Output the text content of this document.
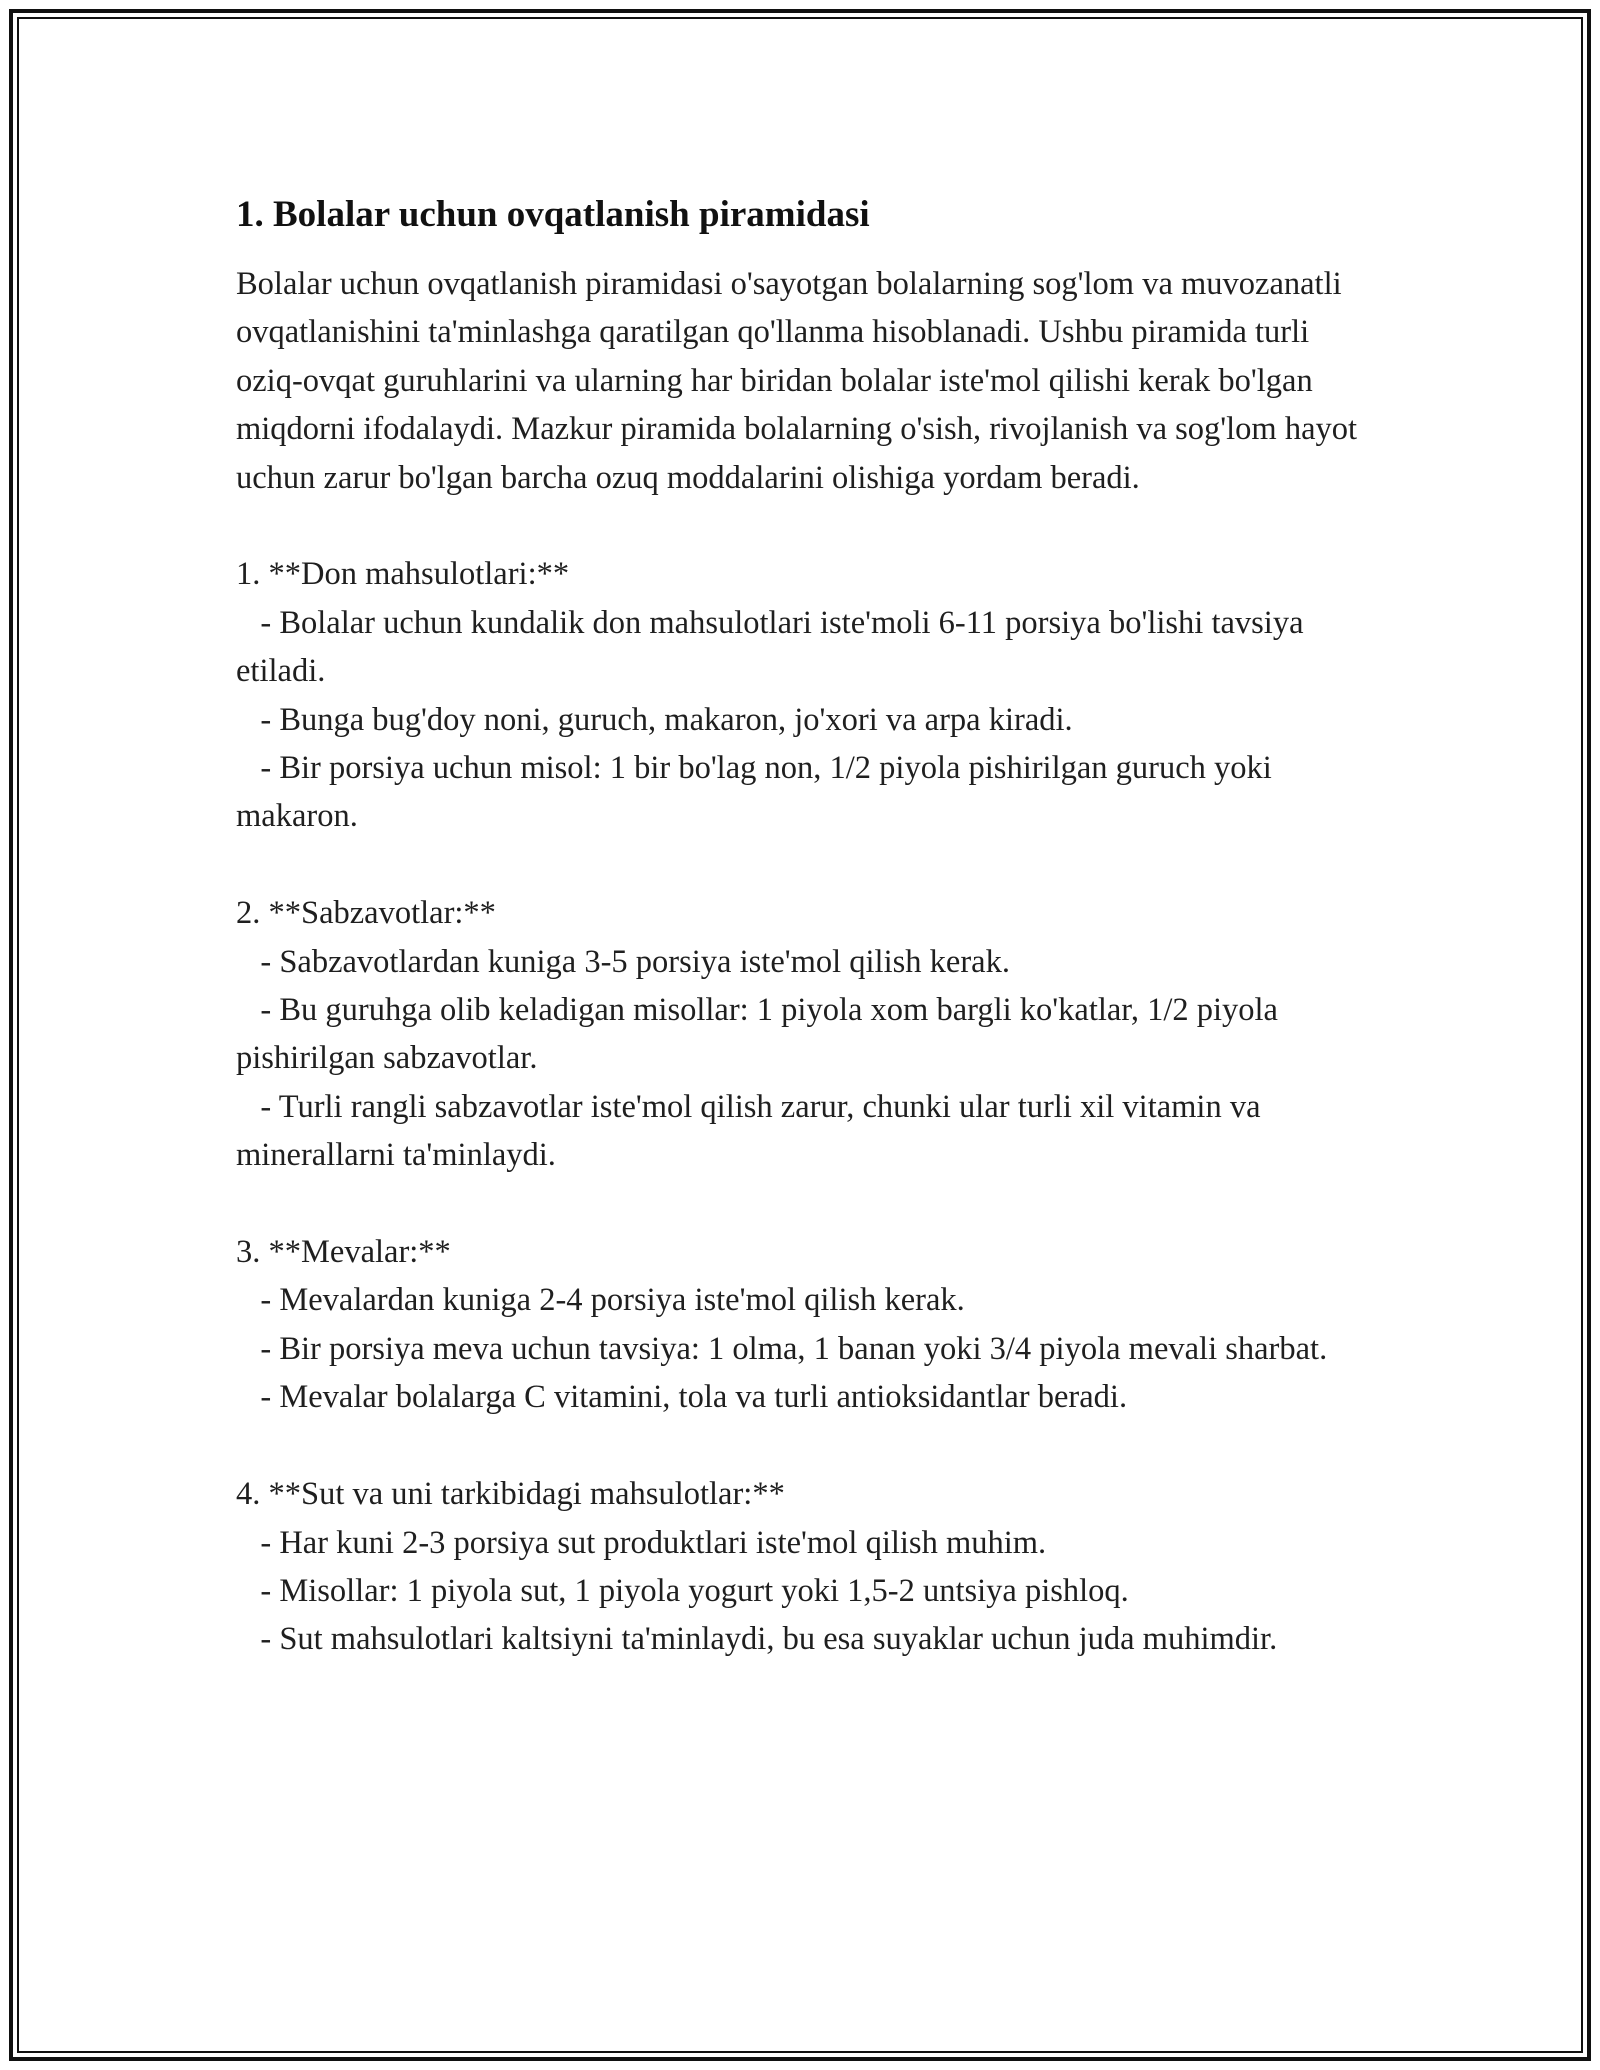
1. Bolalar uchun ovqatlanish piramidasi

Bolalar uchun ovqatlanish piramidasi o'sayotgan bolalarning sog'lom va muvozanatli ovqatlanishini ta'minlashga qaratilgan qo'llanma hisoblanadi. Ushbu piramida turli oziq-ovqat guruhlarini va ularning har biridan bolalar iste'mol qilishi kerak bo'lgan miqdorni ifodalaydi. Mazkur piramida bolalarning o'sish, rivojlanish va sog'lom hayot uchun zarur bo'lgan barcha ozuq moddalarini olishiga yordam beradi.

1. **Don mahsulotlari:**

- Bolalar uchun kundalik don mahsulotlari iste'moli 6-11 porsiya bo'lishi tavsiya etiladi.

- Bunga bug'doy noni, guruch, makaron, jo'xori va arpa kiradi.

- Bir porsiya uchun misol: 1 bir bo'lag non, 1/2 piyola pishirilgan guruch yoki makaron.

2. **Sabzavotlar:**

- Sabzavotlardan kuniga 3-5 porsiya iste'mol qilish kerak.

- Bu guruhga olib keladigan misollar: 1 piyola xom bargli ko'katlar, 1/2 piyola pishirilgan sabzavotlar.

- Turli rangli sabzavotlar iste'mol qilish zarur, chunki ular turli xil vitamin va minerallarni ta'minlaydi.

3. **Mevalar:**

- Mevalardan kuniga 2-4 porsiya iste'mol qilish kerak.

- Bir porsiya meva uchun tavsiya: 1 olma, 1 banan yoki 3/4 piyola mevali sharbat.

- Mevalar bolalarga C vitamini, tola va turli antioksidantlar beradi.

4. **Sut va uni tarkibidagi mahsulotlar:**

- Har kuni 2-3 porsiya sut produktlari iste'mol qilish muhim.

- Misollar: 1 piyola sut, 1 piyola yogurt yoki 1,5-2 untsiya pishloq.

- Sut mahsulotlari kaltsiyni ta'minlaydi, bu esa suyaklar uchun juda muhimdir.
